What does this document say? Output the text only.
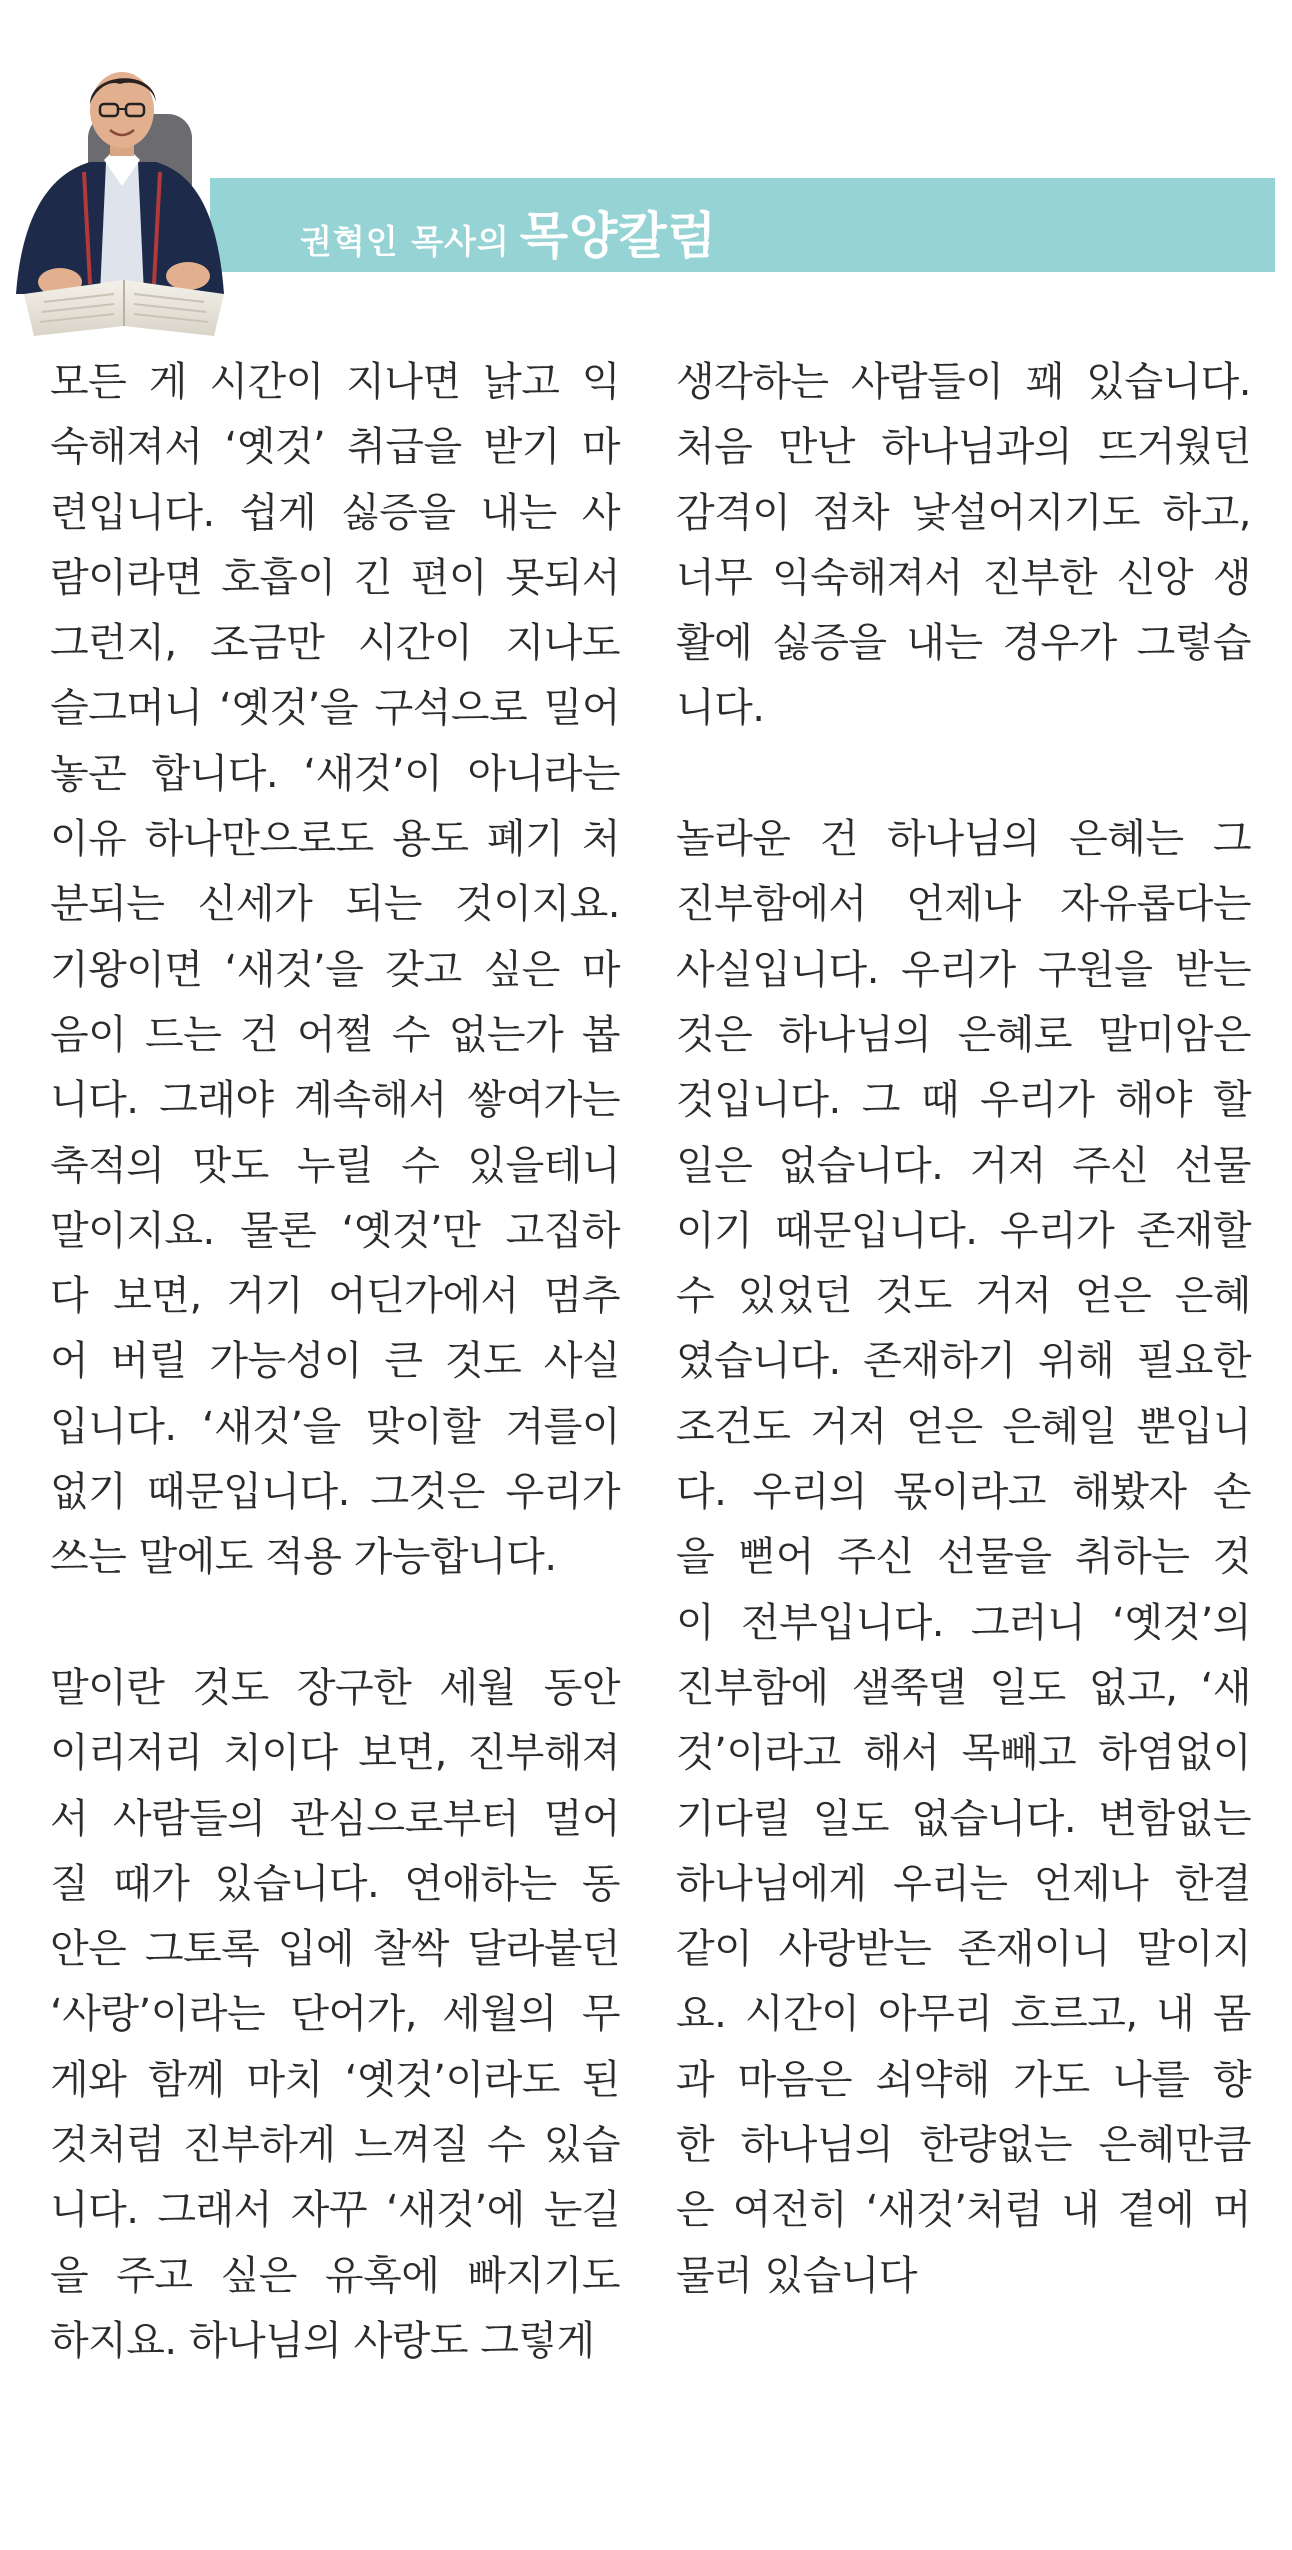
권혁인 목사의 목양칼럼
모든 게 시간이 지나면 낡고 익
숙해져서 ‘옛것’ 취급을 받기 마
련입니다. 쉽게 싫증을 내는 사
람이라면 호흡이 긴 편이 못되서
그런지, 조금만 시간이 지나도
슬그머니 ‘옛것’을 구석으로 밀어
놓곤 합니다. ‘새것’이 아니라는
이유 하나만으로도 용도 폐기 처
분되는 신세가 되는 것이지요.
기왕이면 ‘새것’을 갖고 싶은 마
음이 드는 건 어쩔 수 없는가 봅
니다. 그래야 계속해서 쌓여가는
축적의 맛도 누릴 수 있을테니
말이지요. 물론 ‘옛것’만 고집하
다 보면, 거기 어딘가에서 멈추
어 버릴 가능성이 큰 것도 사실
입니다. ‘새것’을 맞이할 겨를이
없기 때문입니다. 그것은 우리가
쓰는 말에도 적용 가능합니다.
말이란 것도 장구한 세월 동안
이리저리 치이다 보면, 진부해져
서 사람들의 관심으로부터 멀어
질 때가 있습니다. 연애하는 동
안은 그토록 입에 찰싹 달라붙던
‘사랑’이라는 단어가, 세월의 무
게와 함께 마치 ‘옛것’이라도 된
것처럼 진부하게 느껴질 수 있습
니다. 그래서 자꾸 ‘새것’에 눈길
을 주고 싶은 유혹에 빠지기도
하지요. 하나님의 사랑도 그렇게
생각하는 사람들이 꽤 있습니다.
처음 만난 하나님과의 뜨거웠던
감격이 점차 낯설어지기도 하고,
너무 익숙해져서 진부한 신앙 생
활에 싫증을 내는 경우가 그렇습
니다.
놀라운 건 하나님의 은혜는 그
진부함에서 언제나 자유롭다는
사실입니다. 우리가 구원을 받는
것은 하나님의 은혜로 말미암은
것입니다. 그 때 우리가 해야 할
일은 없습니다. 거저 주신 선물
이기 때문입니다. 우리가 존재할
수 있었던 것도 거저 얻은 은혜
였습니다. 존재하기 위해 필요한
조건도 거저 얻은 은혜일 뿐입니
다. 우리의 몫이라고 해봤자 손
을 뻗어 주신 선물을 취하는 것
이 전부입니다. 그러니 ‘옛것’의
진부함에 샐쭉댈 일도 없고, ‘새
것’이라고 해서 목빼고 하염없이
기다릴 일도 없습니다. 변함없는
하나님에게 우리는 언제나 한결
같이 사랑받는 존재이니 말이지
요. 시간이 아무리 흐르고, 내 몸
과 마음은 쇠약해 가도 나를 향
한 하나님의 한량없는 은혜만큼
은 여전히 ‘새것’처럼 내 곁에 머
물러 있습니다
